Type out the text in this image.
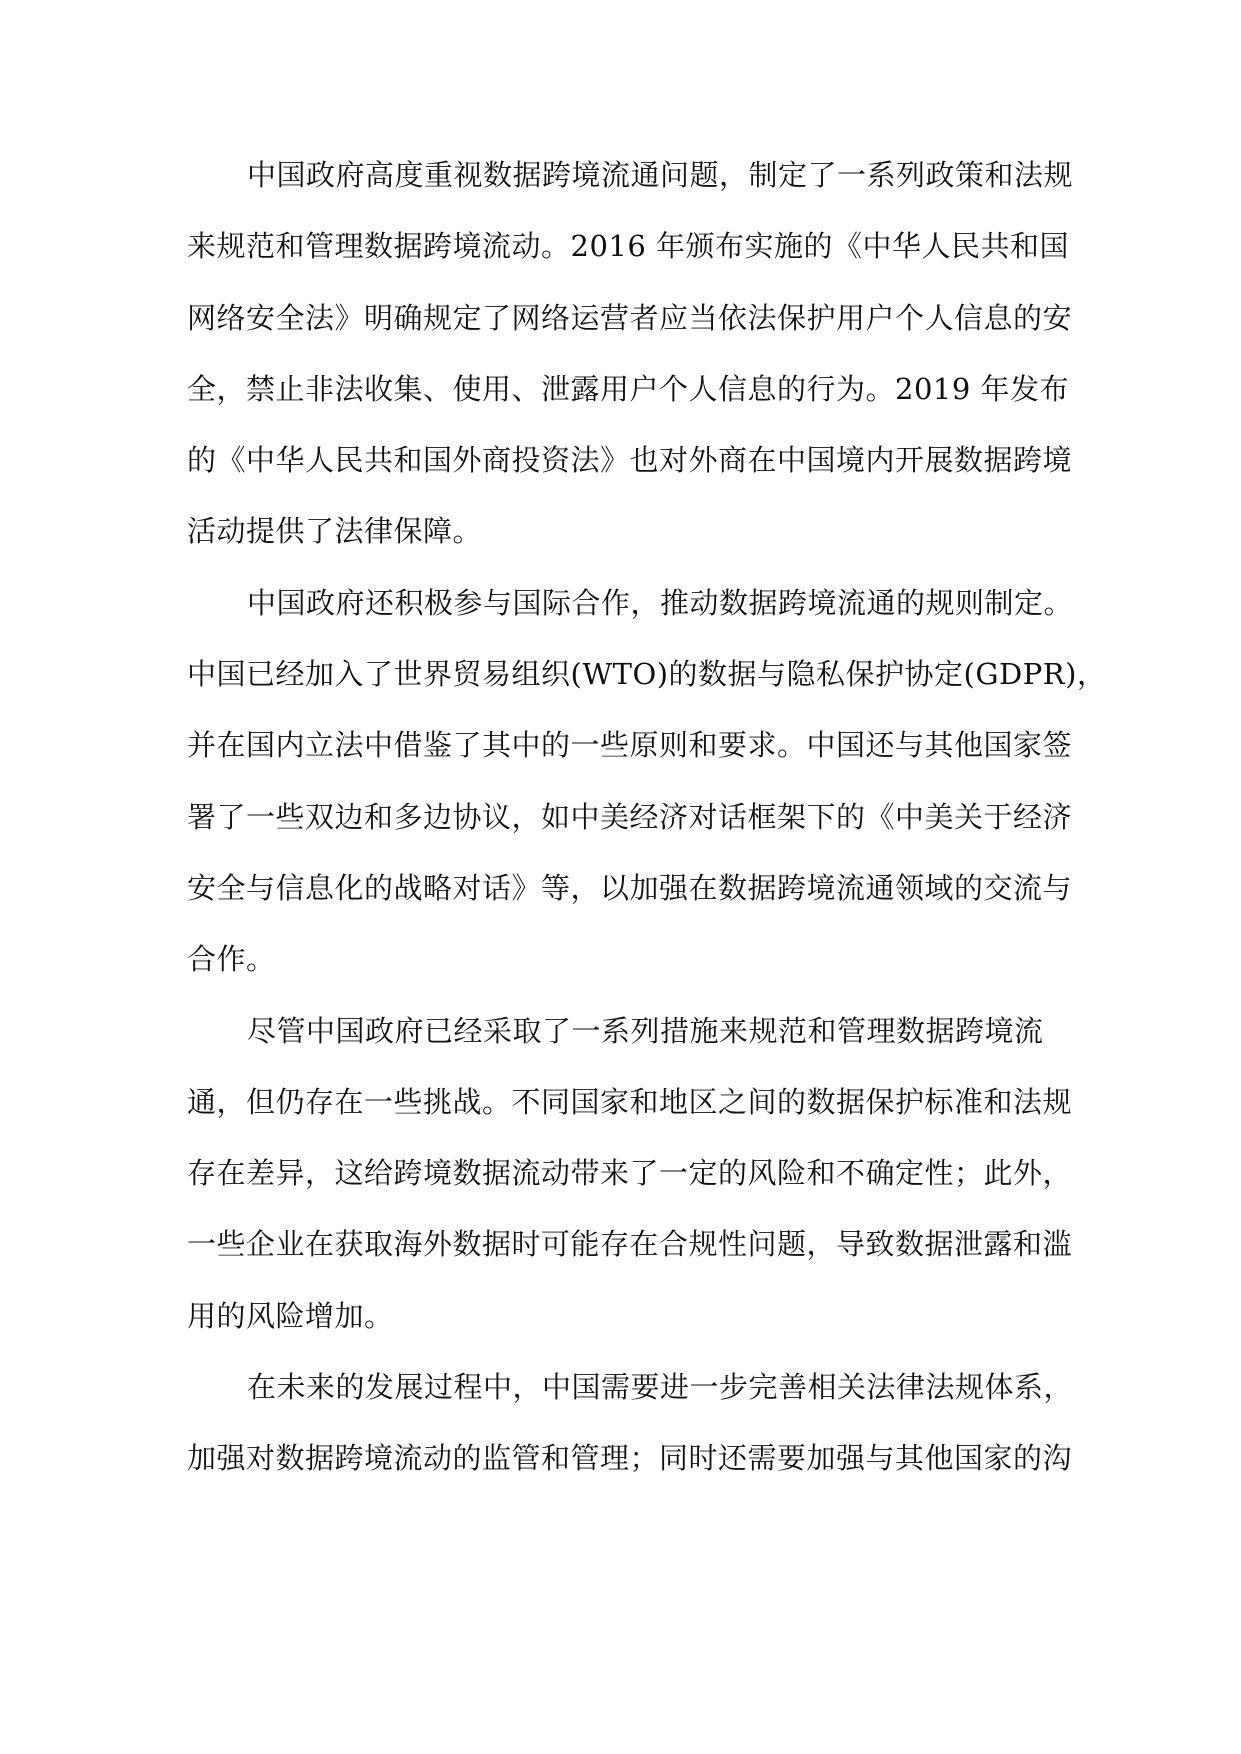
中国政府高度重视数据跨境流通问题，制定了一系列政策和法规
来规范和管理数据跨境流动。2016 年颁布实施的《中华人民共和国
网络安全法》明确规定了网络运营者应当依法保护用户个人信息的安
全，禁止非法收集、使用、泄露用户个人信息的行为。2019 年发布
的《中华人民共和国外商投资法》也对外商在中国境内开展数据跨境
活动提供了法律保障。
中国政府还积极参与国际合作，推动数据跨境流通的规则制定。
中国已经加入了世界贸易组织(WTO)的数据与隐私保护协定(GDPR)，
并在国内立法中借鉴了其中的一些原则和要求。中国还与其他国家签
署了一些双边和多边协议，如中美经济对话框架下的《中美关于经济
安全与信息化的战略对话》等，以加强在数据跨境流通领域的交流与
合作。
尽管中国政府已经采取了一系列措施来规范和管理数据跨境流
通，但仍存在一些挑战。不同国家和地区之间的数据保护标准和法规
存在差异，这给跨境数据流动带来了一定的风险和不确定性；此外，
一些企业在获取海外数据时可能存在合规性问题，导致数据泄露和滥
用的风险增加。
在未来的发展过程中，中国需要进一步完善相关法律法规体系，
加强对数据跨境流动的监管和管理；同时还需要加强与其他国家的沟
